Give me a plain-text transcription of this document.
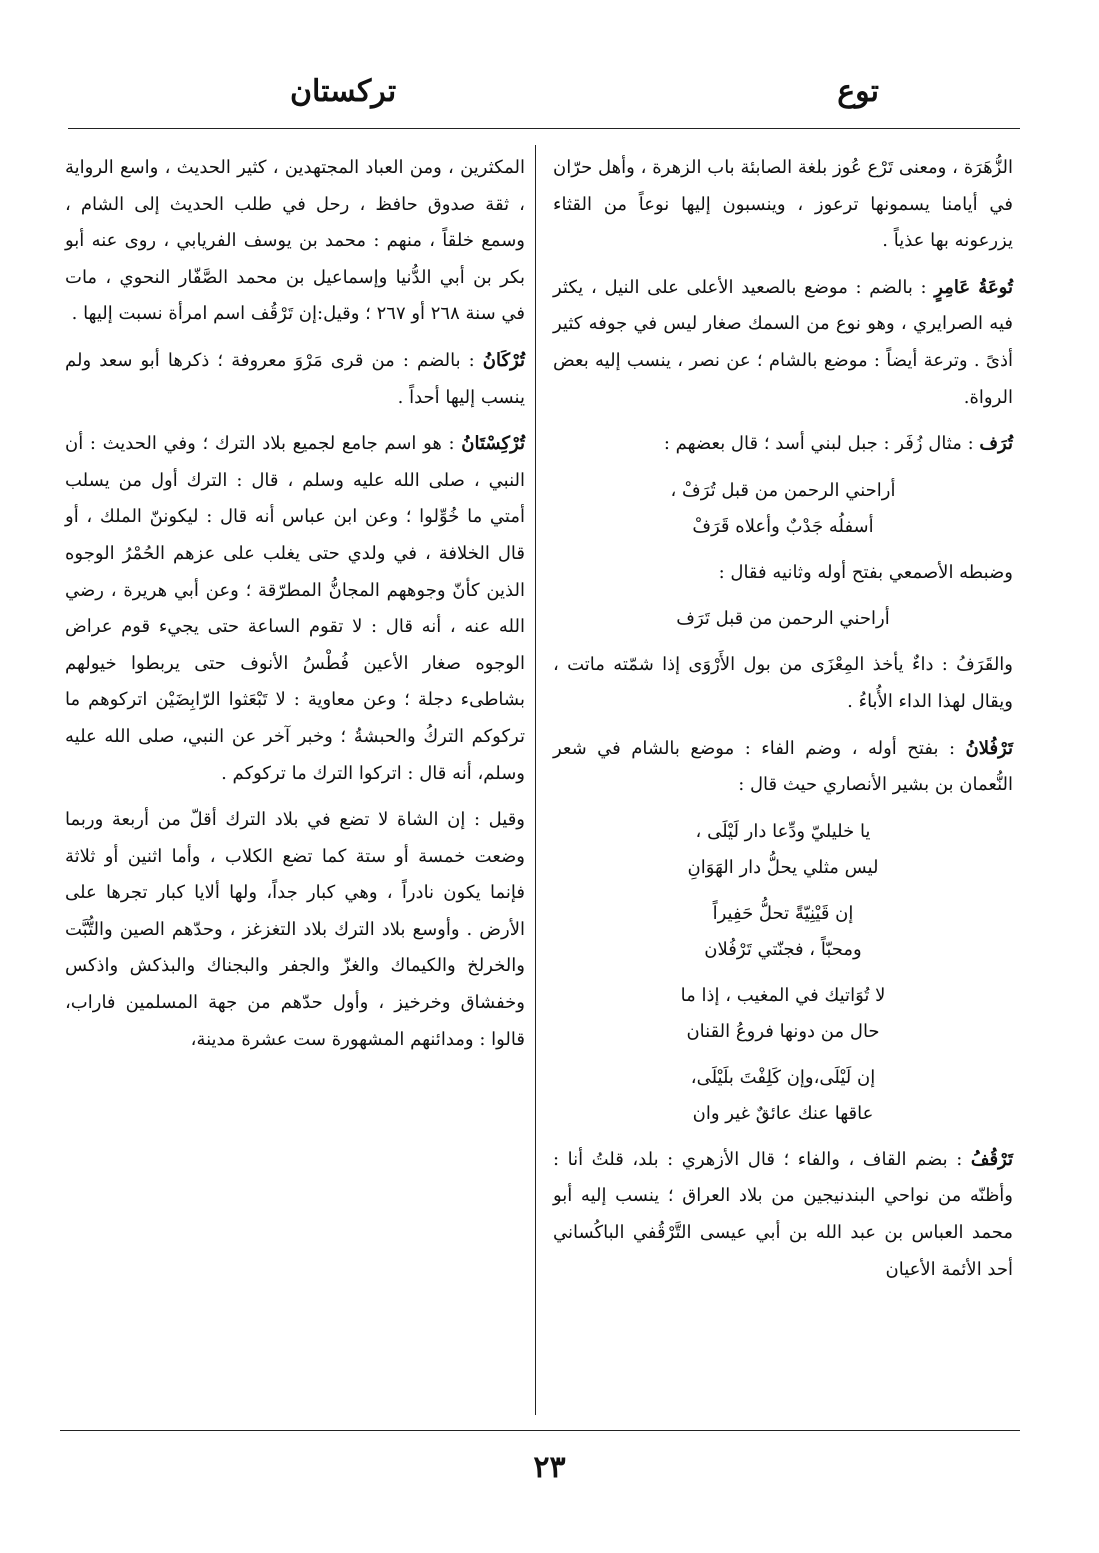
توع
تركستان

الزُّهَرَة ، ومعنى تَرْع عُوز بلغة الصابئة باب الزهرة ، وأهل حرّان في أيامنا يسمونها ترعوز ، وينسبون إليها نوعاً من القثاء يزرعونه بها عذياً .

تُوعَةُ عَامِرٍ : بالضم : موضع بالصعيد الأعلى على النيل ، يكثر فيه الصرايري ، وهو نوع من السمك صغار ليس في جوفه كثير أذىً . وترعة أيضاً : موضع بالشام ؛ عن نصر ، ينسب إليه بعض الرواة.

تُرَف : مثال زُفَر : جبل لبني أسد ؛ قال بعضهم :

أراحني الرحمن من قبل تُرَفْ ،
أسفلُه جَدْبٌ وأعلاه قَرَفْ

وضبطه الأصمعي بفتح أوله وثانيه فقال :

أراحني الرحمن من قبل تَرَف

والقَرَفُ : داءٌ يأخذ المِعْزَى من بول الأَرْوَى إذا شمّته ماتت ، ويقال لهذا الداء الأُباءُ .

تَرْفُلانُ : بفتح أوله ، وضم الفاء : موضع بالشام في شعر النُّعمان بن بشير الأنصاري حيث قال :

يا خليليّ ودِّعا دار لَيْلَى ،
ليس مثلي يحلُّ دار الهَوَانِ
إن قَيْنِيّةً تحلُّ حَفِيراً
ومحبّاً ، فجنّتي تَرْفُلان
لا تُوَاتيك في المغيب ، إذا ما
حال من دونها فروعُ القنان
إن لَيْلَى،وإن كَلِفْتَ بلَيْلَى،
عاقها عنك عائقٌ غير وان

تَرْقُفُ : بضم القاف ، والفاء ؛ قال الأزهري : بلد، قلتُ أنا : وأظنّه من نواحي البندنيجين من بلاد العراق ؛ ينسب إليه أبو محمد العباس بن عبد الله بن أبي عيسى التَّرْقُفي الباكُساني أحد الأئمة الأعيان

المكثرين ، ومن العباد المجتهدين ، كثير الحديث ، واسع الرواية ، ثقة صدوق حافظ ، رحل في طلب الحديث إلى الشام ، وسمع خلقاً ، منهم : محمد بن يوسف الفريابي ، روى عنه أبو بكر بن أبي الدُّنيا وإسماعيل بن محمد الصَّفّار النحوي ، مات في سنة ٢٦٨ أو ٢٦٧ ؛ وقيل:إن تَرْقُف اسم امرأة نسبت إليها .

تُرْكَانُ : بالضم : من قرى مَرْوَ معروفة ؛ ذكرها أبو سعد ولم ينسب إليها أحداً .

تُرْكِسْتَانُ : هو اسم جامع لجميع بلاد الترك ؛ وفي الحديث : أن النبي ، صلى الله عليه وسلم ، قال : الترك أول من يسلب أمتي ما خُوِّلوا ؛ وعن ابن عباس أنه قال : ليكوننّ الملك ، أو قال الخلافة ، في ولدي حتى يغلب على عزهم الحُمْرُ الوجوه الذين كأنّ وجوههم المجانُّ المطرّقة ؛ وعن أبي هريرة ، رضي الله عنه ، أنه قال : لا تقوم الساعة حتى يجيء قوم عراض الوجوه صغار الأعين فُطْسُ الأنوف حتى يربطوا خيولهم بشاطىء دجلة ؛ وعن معاوية : لا تَبْعَثوا الرّابِضَيْن اتركوهم ما تركوكم التركُ والحبشةُ ؛ وخبر آخر عن النبي، صلى الله عليه وسلم، أنه قال : اتركوا الترك ما تركوكم .

وقيل : إن الشاة لا تضع في بلاد الترك أقلّ من أربعة وربما وضعت خمسة أو ستة كما تضع الكلاب ، وأما اثنين أو ثلاثة فإنما يكون نادراً ، وهي كبار جداً، ولها ألايا كبار تجرها على الأرض . وأوسع بلاد الترك بلاد التغزغز ، وحدّهم الصين والتُّبَّت والخرلخ والكيماك والغزّ والجفر والبجناك والبذكش واذكس وخفشاق وخرخيز ، وأول حدّهم من جهة المسلمين فاراب، قالوا : ومدائنهم المشهورة ست عشرة مدينة،

٢٣
